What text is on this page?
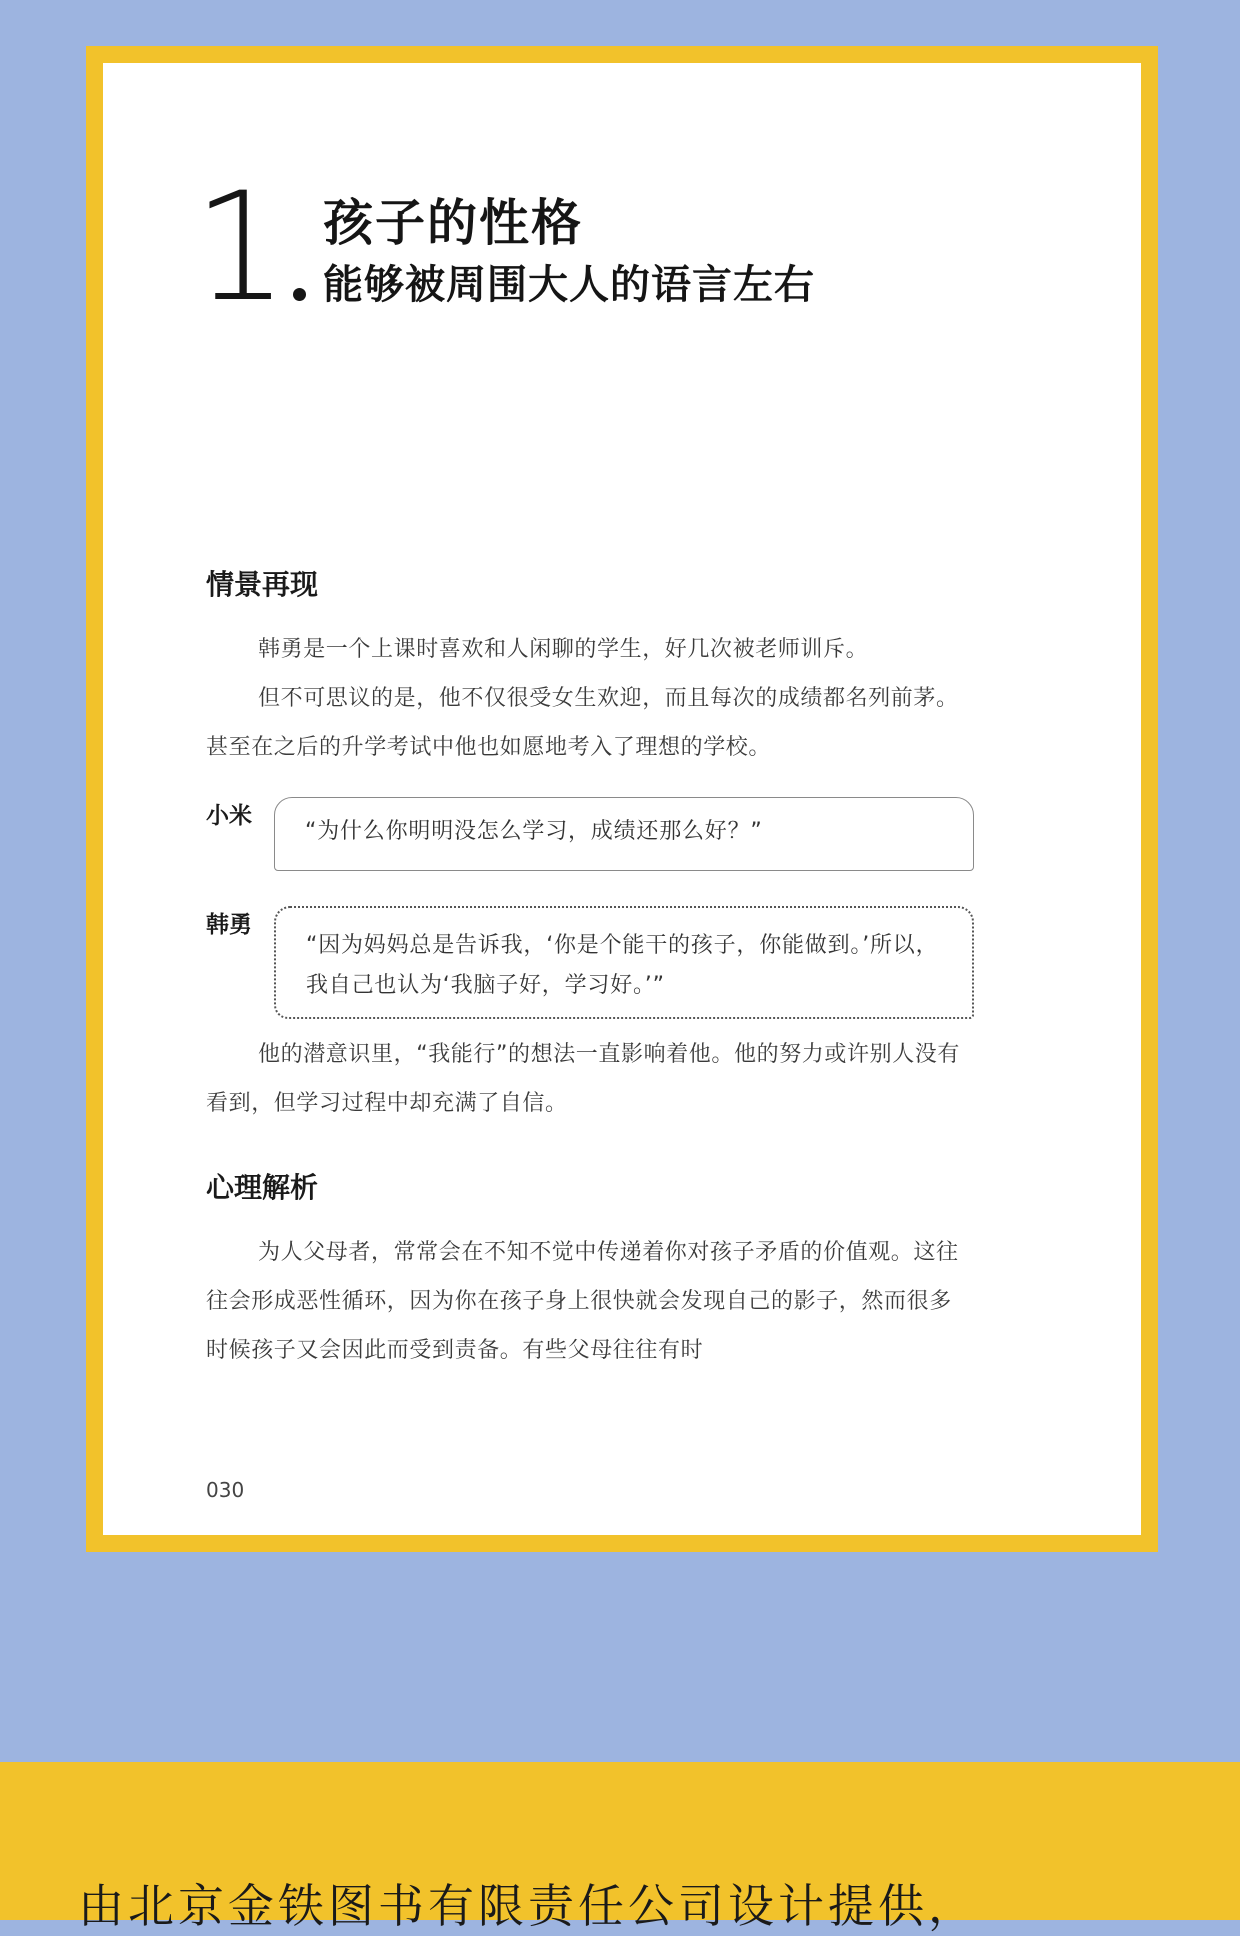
1 孩子的性格
能够被周围大人的语言左右
情景再现

韩勇是一个上课时喜欢和人闲聊的学生，好几次被老师训斥。

但不可思议的是，他不仅很受女生欢迎，而且每次的成绩都名列前茅。甚至在之后的升学考试中他也如愿地考入了理想的学校。

小米
“为什么你明明没怎么学习，成绩还那么好？”
韩勇
“因为妈妈总是告诉我，‘你是个能干的孩子，你能做到。’所以，我自己也认为‘我脑子好，学习好。’”

他的潜意识里，“我能行”的想法一直影响着他。他的努力或许别人没有看到，但学习过程中却充满了自信。

心理解析

为人父母者，常常会在不知不觉中传递着你对孩子矛盾的价值观。这往往会形成恶性循环，因为你在孩子身上很快就会发现自己的影子，然而很多时候孩子又会因此而受到责备。有些父母往往有时

030
由北京金铁图书有限责任公司设计提供，
